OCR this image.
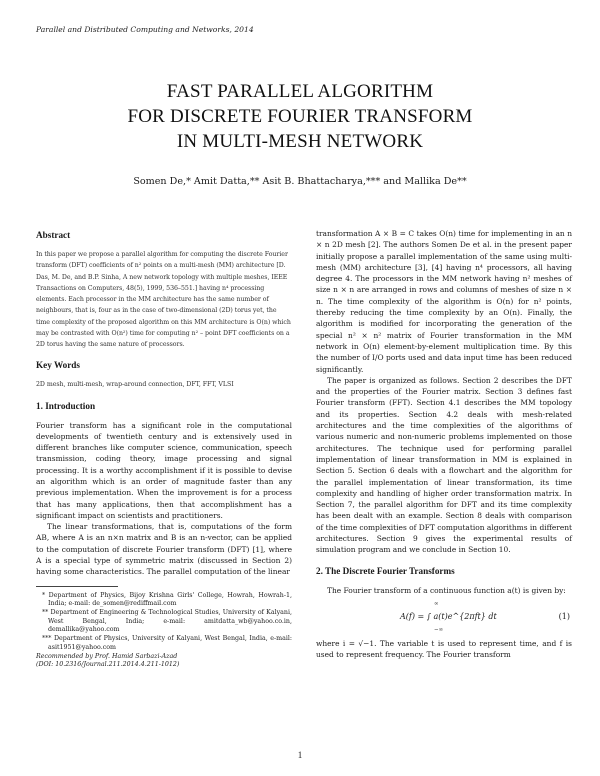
Parallel and Distributed Computing and Networks, 2014
FAST PARALLEL ALGORITHM
FOR DISCRETE FOURIER TRANSFORM
IN MULTI-MESH NETWORK
Somen De,* Amit Datta,** Asit B. Bhattacharya,*** and Mallika De**
Abstract
In this paper we propose a parallel algorithm for computing the discrete Fourier transform (DFT) coefficients of n² points on a multi-mesh (MM) architecture [D. Das, M. De, and B.P. Sinha, A new network topology with multiple meshes, IEEE Transactions on Computers, 48(5), 1999, 536–551.] having n⁴ processing elements. Each processor in the MM architecture has the same number of neighbours, that is, four as in the case of two-dimensional (2D) torus yet, the time complexity of the proposed algorithm on this MM architecture is O(n) which may be contrasted with O(n²) time for computing n² – point DFT coefficients on a 2D torus having the same nature of processors.
Key Words
2D mesh, multi-mesh, wrap-around connection, DFT, FFT, VLSI
1. Introduction

Fourier transform has a significant role in the computational developments of twentieth century and is extensively used in different branches like computer science, communication, speech transmission, coding theory, image processing and signal processing. It is a worthy accomplishment if it is possible to devise an algorithm which is an order of magnitude faster than any previous implementation. When the improvement is for a process that has many applications, then that accomplishment has a significant impact on scientists and practitioners.

The linear transformations, that is, computations of the form AB, where A is an n×n matrix and B is an n-vector, can be applied to the computation of discrete Fourier transform (DFT) [1], where A is a special type of symmetric matrix (discussed in Section 2) having some characteristics. The parallel computation of the linear

* Department of Physics, Bijoy Krishna Girls' College, Howrah, Howrah-1, India; e-mail: de_somen@rediffmail.com
** Department of Engineering & Technological Studies, University of Kalyani, West Bengal, India; e-mail: amitdatta_wb@yahoo.co.in, demallika@yahoo.com
*** Department of Physics, University of Kalyani, West Bengal, India, e-mail: asit1951@yahoo.com
Recommended by Prof. Hamid Sarbazi-Azad
(DOI: 10.2316/Journal.211.2014.4.211-1012)

transformation A × B = C takes O(n) time for implementing in an n × n 2D mesh [2]. The authors Somen De et al. in the present paper initially propose a parallel implementation of the same using multi-mesh (MM) architecture [3], [4] having n⁴ processors, all having degree 4. The processors in the MM network having n² meshes of size n × n are arranged in rows and columns of meshes of size n × n. The time complexity of the algorithm is O(n) for n² points, thereby reducing the time complexity by an O(n). Finally, the algorithm is modified for incorporating the generation of the special n² × n² matrix of Fourier transformation in the MM network in O(n) element-by-element multiplication time. By this the number of I/O ports used and data input time has been reduced significantly.

The paper is organized as follows. Section 2 describes the DFT and the properties of the Fourier matrix. Section 3 defines fast Fourier transform (FFT). Section 4.1 describes the MM topology and its properties. Section 4.2 deals with mesh-related architectures and the time complexities of the algorithms of various numeric and non-numeric problems implemented on those architectures. The technique used for performing parallel implementation of linear transformation in MM is explained in Section 5. Section 6 deals with a flowchart and the algorithm for the parallel implementation of linear transformation, its time complexity and handling of higher order transformation matrix. In Section 7, the parallel algorithm for DFT and its time complexity has been dealt with an example. Section 8 deals with comparison of the time complexities of DFT computation algorithms in different architectures. Section 9 gives the experimental results of simulation program and we conclude in Section 10.

2. The Discrete Fourier Transforms

The Fourier transform of a continuous function a(t) is given by:

∞
A(f) = ∫ a(t)e^{2πft} dt
−∞
(1)

where i = √−1. The variable t is used to represent time, and f is used to represent frequency. The Fourier transform

1
